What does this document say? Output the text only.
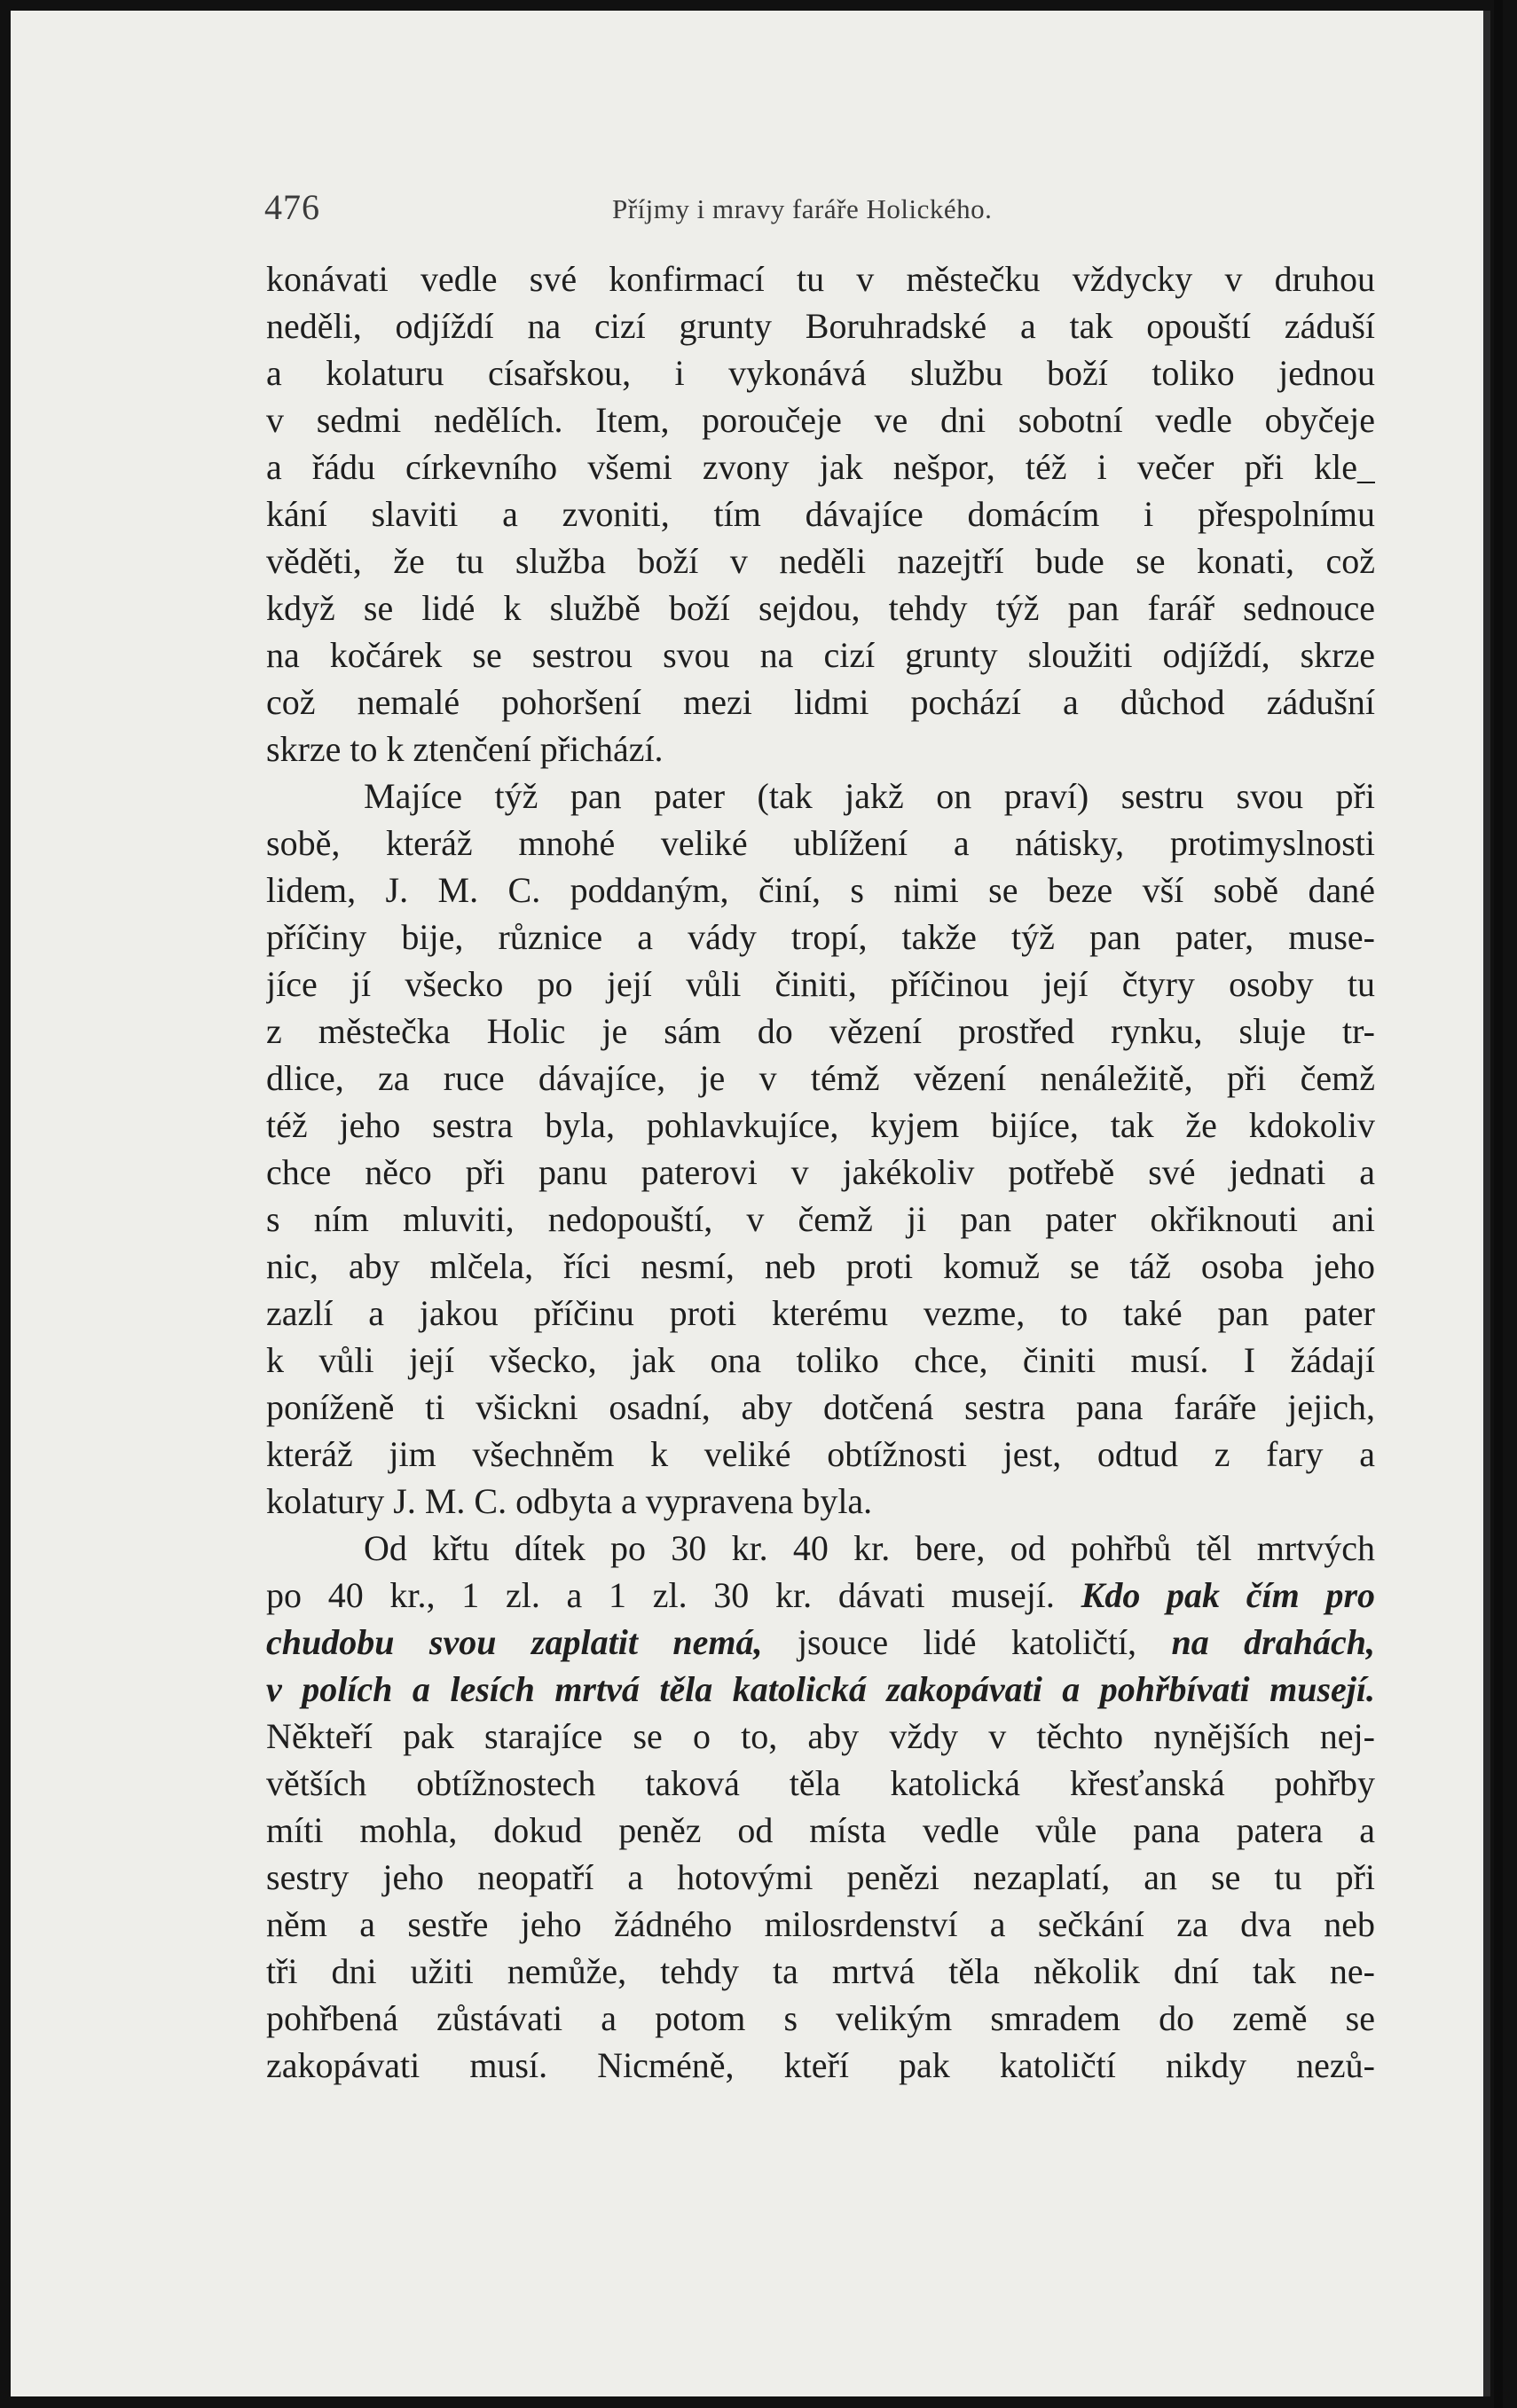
476	Příjmy i mravy faráře Holického.
konávati vedle své konfirmací tu v městečku vždycky v druhou
neděli, odjíždí na cizí grunty Boruhradské a tak opouští záduší
a kolaturu císařskou, i vykonává službu boží toliko jednou
v sedmi nedělích. Item, poroučeje ve dni sobotní vedle obyčeje
a řádu církevního všemi zvony jak nešpor, též i večer při kle_
kání slaviti a zvoniti, tím dávajíce domácím i přespolnímu
věděti, že tu služba boží v neděli nazejtří bude se konati, což
když se lidé k službě boží sejdou, tehdy týž pan farář sednouce
na kočárek se sestrou svou na cizí grunty sloužiti odjíždí, skrze
což nemalé pohoršení mezi lidmi pochází a důchod zádušní
skrze to k ztenčení přichází.
Majíce týž pan pater (tak jakž on praví) sestru svou při
sobě, kteráž mnohé veliké ublížení a nátisky, protimyslnosti
lidem, J. M. C. poddaným, činí, s nimi se beze vší sobě dané
příčiny bije, různice a vády tropí, takže týž pan pater, muse-
jíce jí všecko po její vůli činiti, příčinou její čtyry osoby tu
z městečka Holic je sám do vězení prostřed rynku, sluje tr-
dlice, za ruce dávajíce, je v témž vězení nenáležitě, při čemž
též jeho sestra byla, pohlavkujíce, kyjem bijíce, tak že kdokoliv
chce něco při panu paterovi v jakékoliv potřebě své jednati a
s ním mluviti, nedopouští, v čemž ji pan pater okřiknouti ani
nic, aby mlčela, říci nesmí, neb proti komuž se táž osoba jeho
zazlí a jakou příčinu proti kterému vezme, to také pan pater
k vůli její všecko, jak ona toliko chce, činiti musí. I žádají
poníženě ti všickni osadní, aby dotčená sestra pana faráře jejich,
kteráž jim všechněm k veliké obtížnosti jest, odtud z fary a
kolatury J. M. C. odbyta a vypravena byla.
Od křtu dítek po 30 kr. 40 kr. bere, od pohřbů těl mrtvých
po 40 kr., 1 zl. a 1 zl. 30 kr. dávati musejí. Kdo pak čím pro
chudobu svou zaplatit nemá, jsouce lidé katoličtí, na drahách,
v polích a lesích mrtvá těla katolická zakopávati a pohřbívati musejí.
Někteří pak starajíce se o to, aby vždy v těchto nynějších nej-
větších obtížnostech taková těla katolická křesťanská pohřby
míti mohla, dokud peněz od místa vedle vůle pana patera a
sestry jeho neopatří a hotovými penězi nezaplatí, an se tu při
něm a sestře jeho žádného milosrdenství a sečkání za dva neb
tři dni užiti nemůže, tehdy ta mrtvá těla několik dní tak ne-
pohřbená zůstávati a potom s velikým smradem do země se
zakopávati musí. Nicméně, kteří pak katoličtí nikdy nezů-
